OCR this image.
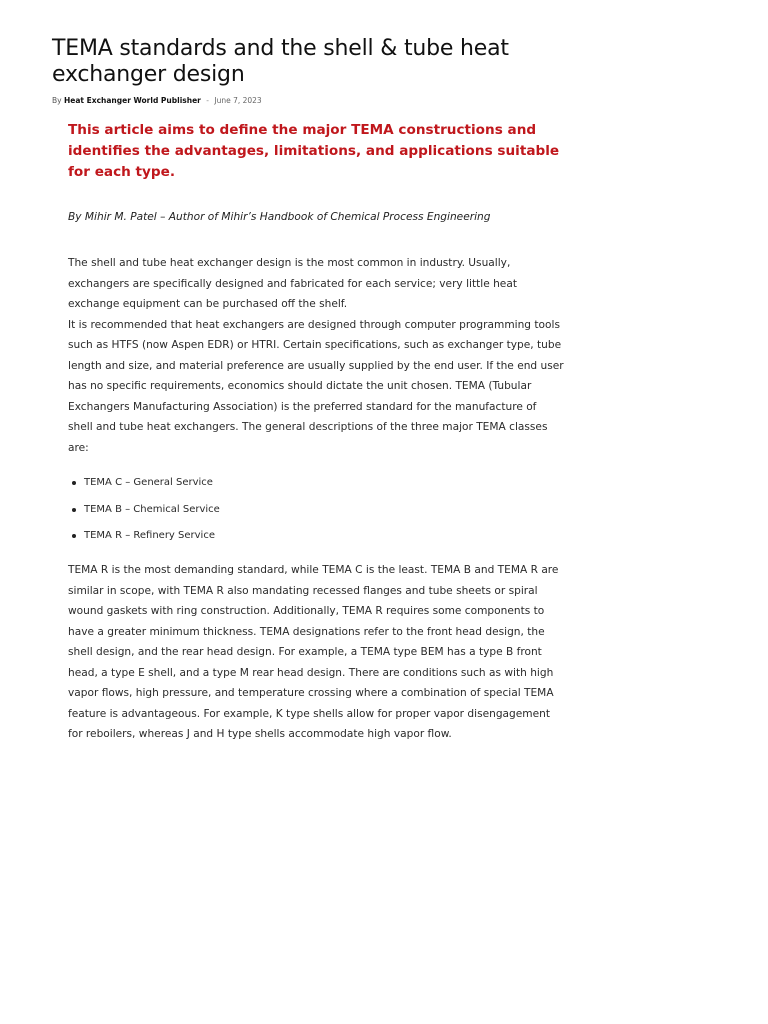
TEMA standards and the shell & tube heat exchanger design
By Heat Exchanger World Publisher - June 7, 2023

This article aims to define the major TEMA constructions and identifies the advantages, limitations, and applications suitable for each type.

By Mihir M. Patel – Author of Mihir’s Handbook of Chemical Process Engineering

The shell and tube heat exchanger design is the most common in industry. Usually, exchangers are specifically designed and fabricated for each service; very little heat exchange equipment can be purchased off the shelf.

It is recommended that heat exchangers are designed through computer programming tools such as HTFS (now Aspen EDR) or HTRI. Certain specifications, such as exchanger type, tube length and size, and material preference are usually supplied by the end user. If the end user has no specific requirements, economics should dictate the unit chosen. TEMA (Tubular Exchangers Manufacturing Association) is the preferred standard for the manufacture of shell and tube heat exchangers. The general descriptions of the three major TEMA classes are:

TEMA C – General Service
TEMA B – Chemical Service
TEMA R – Refinery Service

TEMA R is the most demanding standard, while TEMA C is the least. TEMA B and TEMA R are similar in scope, with TEMA R also mandating recessed flanges and tube sheets or spiral wound gaskets with ring construction. Additionally, TEMA R requires some components to have a greater minimum thickness. TEMA designations refer to the front head design, the shell design, and the rear head design. For example, a TEMA type BEM has a type B front head, a type E shell, and a type M rear head design. There are conditions such as with high vapor flows, high pressure, and temperature crossing where a combination of special TEMA feature is advantageous. For example, K type shells allow for proper vapor disengagement for reboilers, whereas J and H type shells accommodate high vapor flow.
